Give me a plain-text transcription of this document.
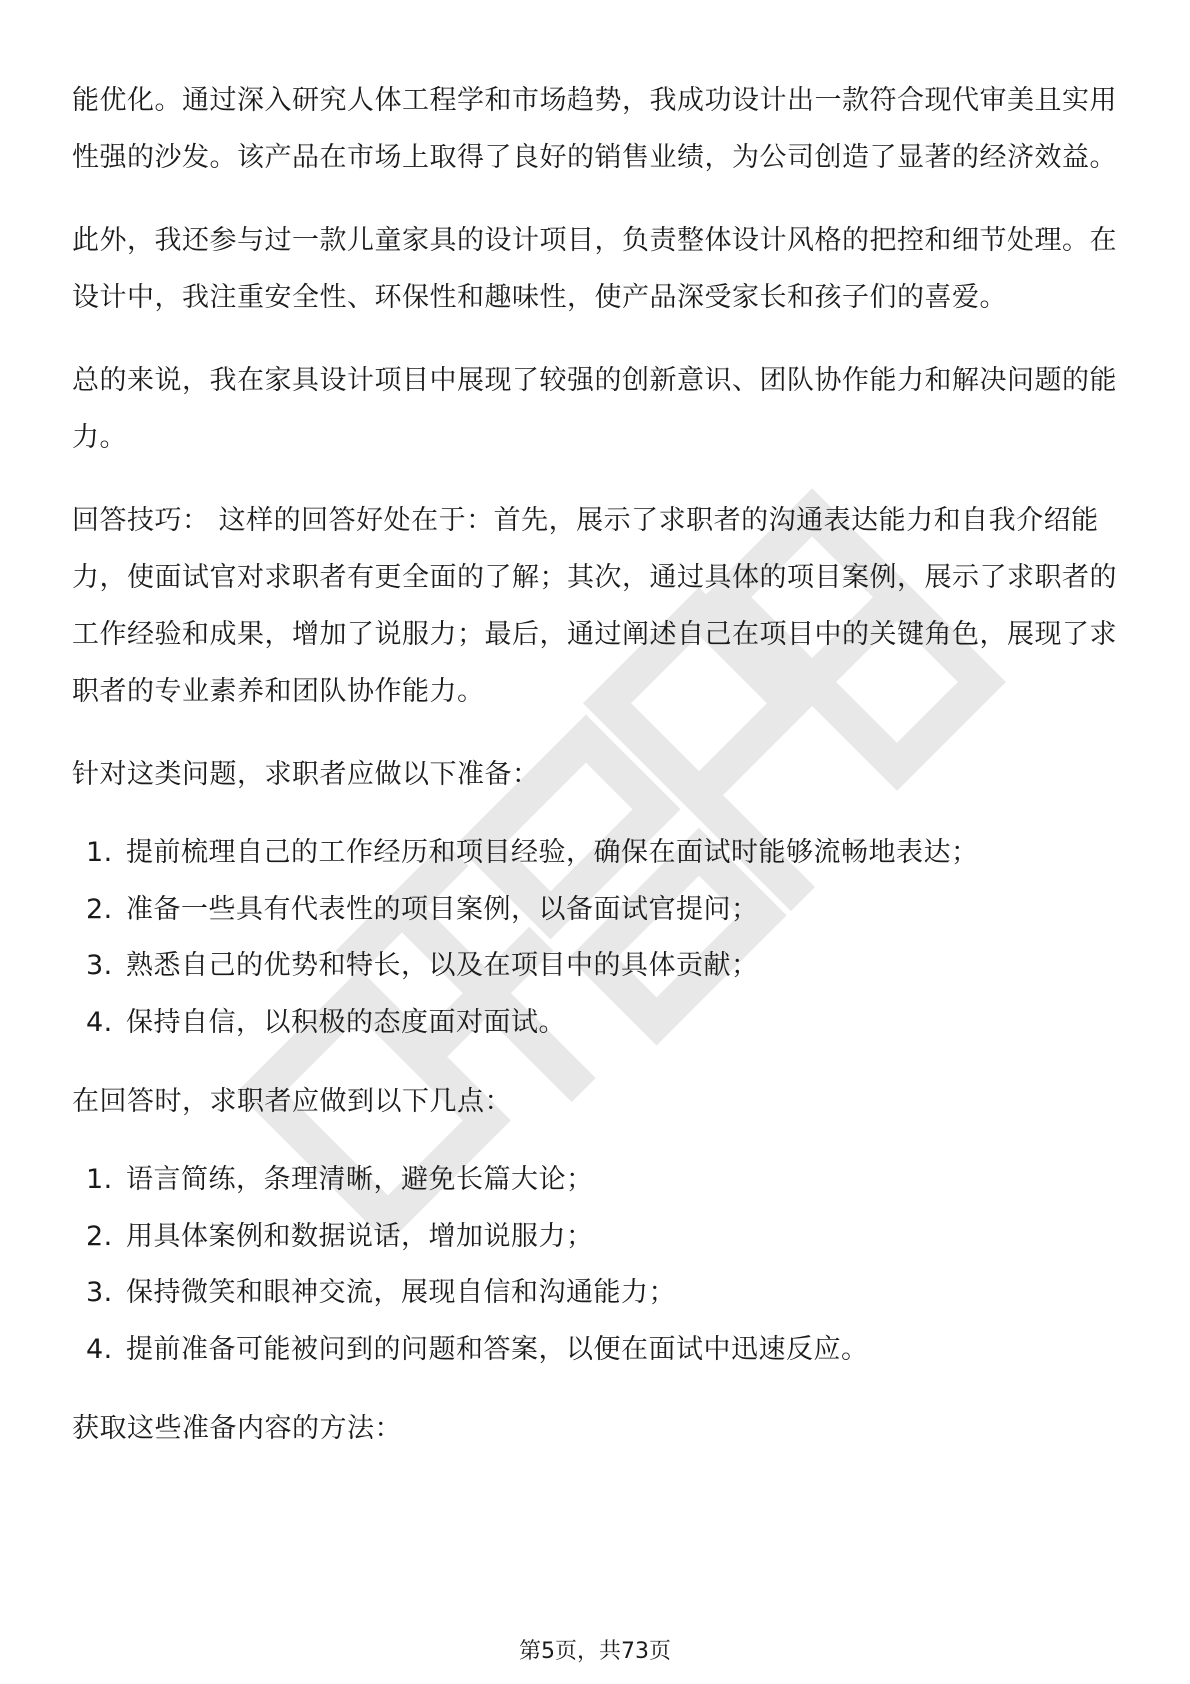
能优化。通过深入研究人体工程学和市场趋势，我成功设计出一款符合现代审美且实用性强的沙发。该产品在市场上取得了良好的销售业绩，为公司创造了显著的经济效益。

此外，我还参与过一款儿童家具的设计项目，负责整体设计风格的把控和细节处理。在设计中，我注重安全性、环保性和趣味性，使产品深受家长和孩子们的喜爱。

总的来说，我在家具设计项目中展现了较强的创新意识、团队协作能力和解决问题的能力。

回答技巧： 这样的回答好处在于：首先，展示了求职者的沟通表达能力和自我介绍能力，使面试官对求职者有更全面的了解；其次，通过具体的项目案例，展示了求职者的工作经验和成果，增加了说服力；最后，通过阐述自己在项目中的关键角色，展现了求职者的专业素养和团队协作能力。

针对这类问题，求职者应做以下准备：

1. 提前梳理自己的工作经历和项目经验，确保在面试时能够流畅地表达；
2. 准备一些具有代表性的项目案例，以备面试官提问；
3. 熟悉自己的优势和特长，以及在项目中的具体贡献；
4. 保持自信，以积极的态度面对面试。

在回答时，求职者应做到以下几点：

1. 语言简练，条理清晰，避免长篇大论；
2. 用具体案例和数据说话，增加说服力；
3. 保持微笑和眼神交流，展现自信和沟通能力；
4. 提前准备可能被问到的问题和答案，以便在面试中迅速反应。

获取这些准备内容的方法：

第5页，共73页
